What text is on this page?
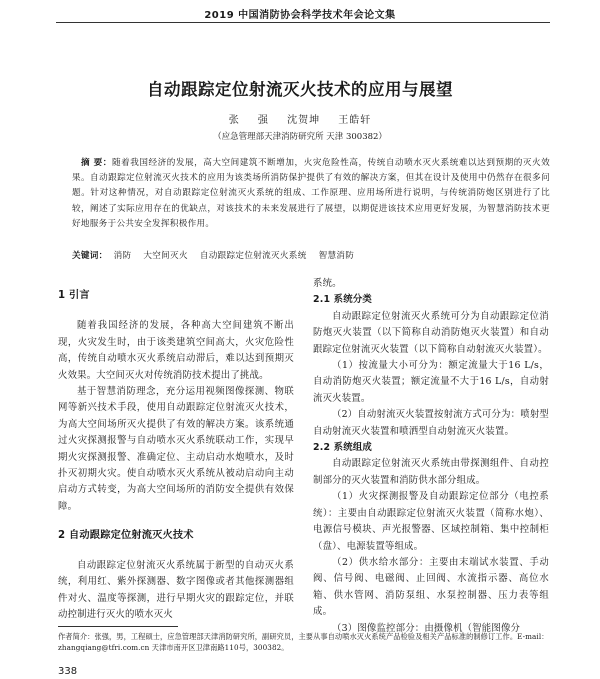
2019 中国消防协会科学技术年会论文集
自动跟踪定位射流灭火技术的应用与展望
张 强 沈贺坤 王皓轩
（应急管理部天津消防研究所 天津 300382）
摘 要：随着我国经济的发展，高大空间建筑不断增加，火灾危险性高，传统自动喷水灭火系统难以达到预期的灭火效果。自动跟踪定位射流灭火技术的应用为该类场所消防保护提供了有效的解决方案，但其在设计及使用中仍然存在很多问题。针对这种情况，对自动跟踪定位射流灭火系统的组成、工作原理、应用场所进行说明，与传统消防炮区别进行了比较，阐述了实际应用存在的优缺点，对该技术的未来发展进行了展望，以期促进该技术应用更好发展，为智慧消防技术更好地服务于公共安全发挥积极作用。
关键词： 消防 大空间灭火 自动跟踪定位射流灭火系统 智慧消防

1 引言

随着我国经济的发展，各种高大空间建筑不断出现，火灾发生时，由于该类建筑空间高大，火灾危险性高，传统自动喷水灭火系统启动滞后，难以达到预期灭火效果。大空间灭火对传统消防技术提出了挑战。

基于智慧消防理念，充分运用视频图像探测、物联网等新兴技术手段，使用自动跟踪定位射流灭火技术，为高大空间场所灭火提供了有效的解决方案。该系统通过火灾探测报警与自动喷水灭火系统联动工作，实现早期火灾探测报警、准确定位、主动启动水炮喷水，及时扑灭初期火灾。使自动喷水灭火系统从被动启动向主动启动方式转变，为高大空间场所的消防安全提供有效保障。

2 自动跟踪定位射流灭火技术

自动跟踪定位射流灭火系统属于新型的自动灭火系统，利用红、紫外探测器、数字图像或者其他探测器组件对火、温度等探测，进行早期火灾的跟踪定位，并联动控制进行灭火的喷水灭火

系统。

2.1 系统分类

自动跟踪定位射流灭火系统可分为自动跟踪定位消防炮灭火装置（以下简称自动消防炮灭火装置）和自动跟踪定位射流灭火装置（以下简称自动射流灭火装置）。

（1）按流量大小可分为：额定流量大于16 L/s，自动消防炮灭火装置；额定流量不大于16 L/s，自动射流灭火装置。

（2）自动射流灭火装置按射流方式可分为：喷射型自动射流灭火装置和喷洒型自动射流灭火装置。

2.2 系统组成

自动跟踪定位射流灭火系统由带探测组件、自动控制部分的灭火装置和消防供水部分组成。

（1）火灾探测报警及自动跟踪定位部分（电控系统）：主要由自动跟踪定位射流灭火装置（简称水炮）、电源信号模块、声光报警器、区域控制箱、集中控制柜（盘）、电源装置等组成。

（2）供水给水部分：主要由末端试水装置、手动阀、信号阀、电磁阀、止回阀、水流指示器、高位水箱、供水管网、消防泵组、水泵控制器、压力表等组成。

（3）图像监控部分：由摄像机（智能图像分

作者简介：张强，男，工程硕士，应急管理部天津消防研究所，副研究员，主要从事自动喷水灭火系统产品检验及相关产品标准的制修订工作。E-mail：zhangqiang@tfri.com.cn 天津市南开区卫津南路110号，300382。
338
